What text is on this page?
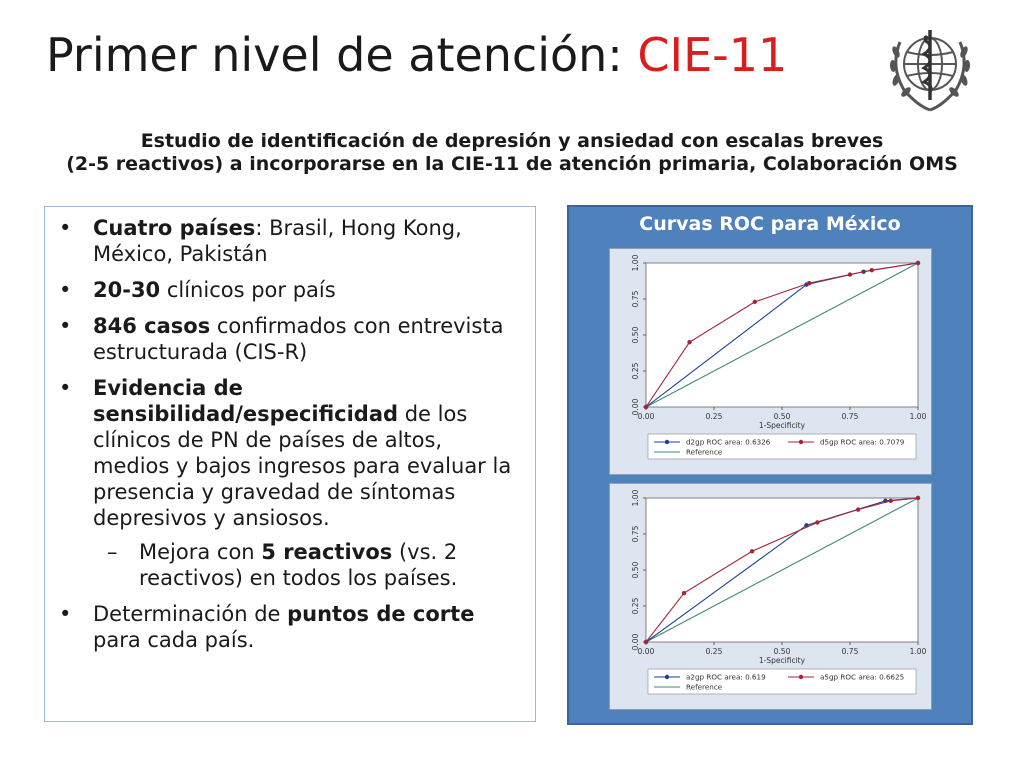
Primer nivel de atención: CIE-11
Estudio de identificación de depresión y ansiedad con escalas breves
(2-5 reactivos) a incorporarse en la CIE-11 de atención primaria, Colaboración OMS
• Cuatro países: Brasil, Hong Kong, México, Pakistán
• 20-30 clínicos por país
• 846 casos confirmados con entrevista estructurada (CIS-R)
• Evidencia de sensibilidad/especificidad de los clínicos de PN de países de altos, medios y bajos ingresos para evaluar la presencia y gravedad de síntomas depresivos y ansiosos.
– Mejora con 5 reactivos (vs. 2 reactivos) en todos los países.
• Determinación de puntos de corte para cada país.
Curvas ROC para México
0.00	0.25	0.50	0.75	1.00
0.00
0.25
0.50
0.75
1.00
1-Specificity
d2gp ROC area: 0.6326	d5gp ROC area: 0.7079
Reference
0.00	0.25	0.50	0.75	1.00
0.00
0.25
0.50
0.75
1.00
1-Specificity
a2gp ROC area: 0.619	a5gp ROC area: 0.6625
Reference
